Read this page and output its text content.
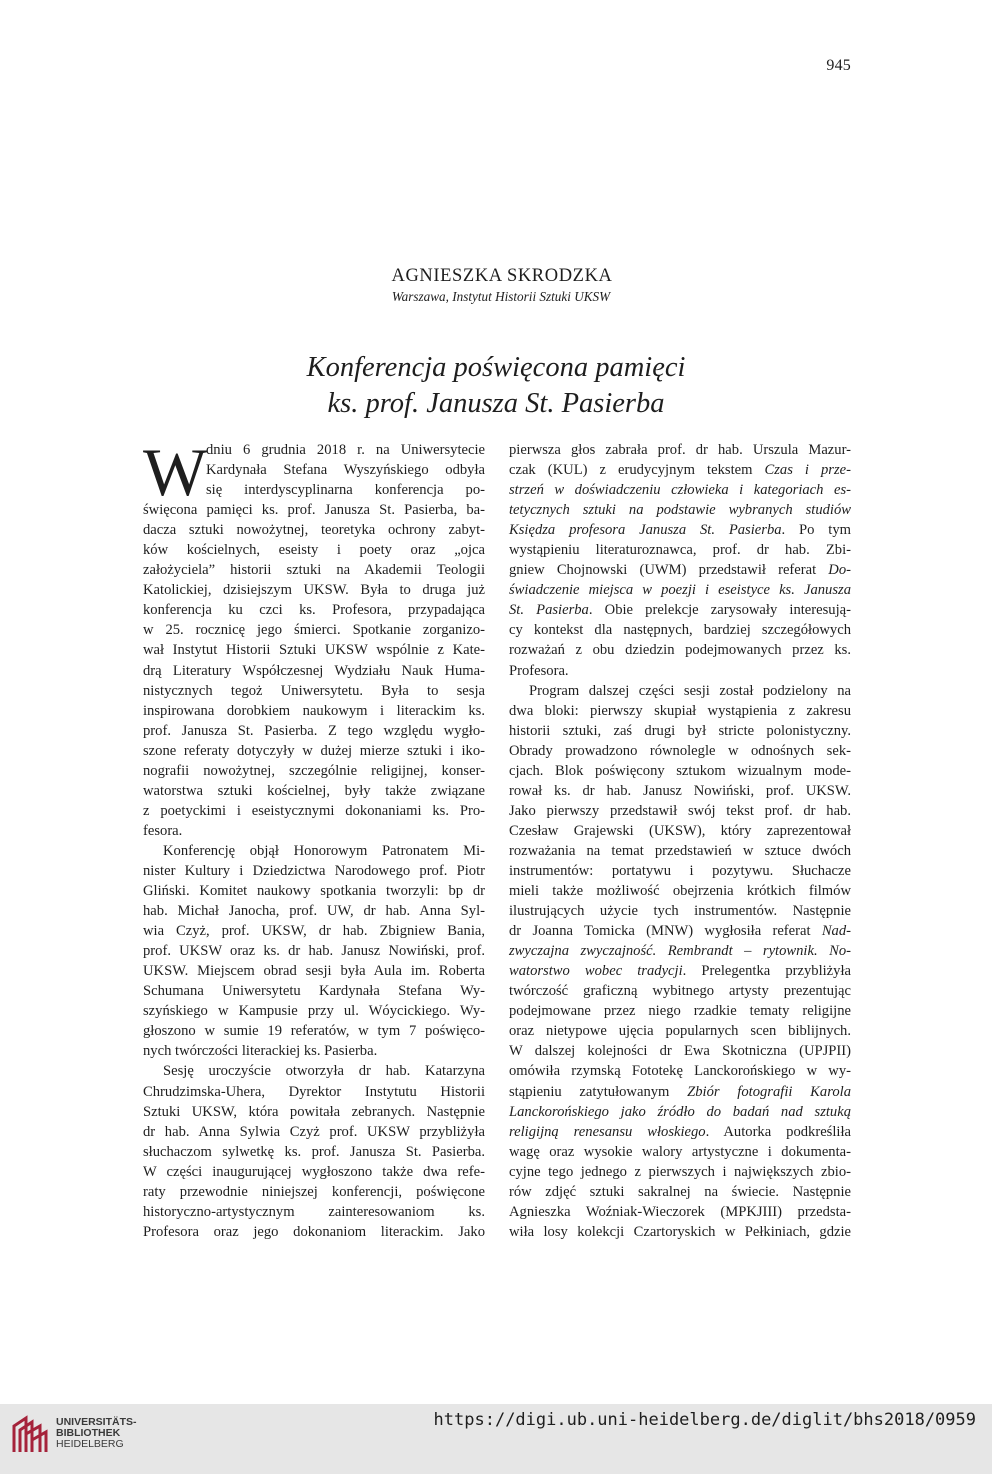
945
AGNIESZKA SKRODZKA
Warszawa, Instytut Historii Sztuki UKSW
Konferencja poświęcona pamięci
ks. prof. Janusza St. Pasierba
W
dniu 6 grudnia 2018 r. na Uniwersytecie
Kardynała Stefana Wyszyńskiego odbyła
się interdyscyplinarna konferencja po-
święcona pamięci ks. prof. Janusza St. Pasierba, ba-
dacza sztuki nowożytnej, teoretyka ochrony zabyt-
ków kościelnych, eseisty i poety oraz „ojca
założyciela” historii sztuki na Akademii Teologii
Katolickiej, dzisiejszym UKSW. Była to druga już
konferencja ku czci ks. Profesora, przypadająca
w 25. rocznicę jego śmierci. Spotkanie zorganizo-
wał Instytut Historii Sztuki UKSW wspólnie z Kate-
drą Literatury Współczesnej Wydziału Nauk Huma-
nistycznych tegoż Uniwersytetu. Była to sesja
inspirowana dorobkiem naukowym i literackim ks.
prof. Janusza St. Pasierba. Z tego względu wygło-
szone referaty dotyczyły w dużej mierze sztuki i iko-
nografii nowożytnej, szczególnie religijnej, konser-
watorstwa sztuki kościelnej, były także związane
z poetyckimi i eseistycznymi dokonaniami ks. Pro-
fesora.
Konferencję objął Honorowym Patronatem Mi-
nister Kultury i Dziedzictwa Narodowego prof. Piotr
Gliński. Komitet naukowy spotkania tworzyli: bp dr
hab. Michał Janocha, prof. UW, dr hab. Anna Syl-
wia Czyż, prof. UKSW, dr hab. Zbigniew Bania,
prof. UKSW oraz ks. dr hab. Janusz Nowiński, prof.
UKSW. Miejscem obrad sesji była Aula im. Roberta
Schumana Uniwersytetu Kardynała Stefana Wy-
szyńskiego w Kampusie przy ul. Wóycickiego. Wy-
głoszono w sumie 19 referatów, w tym 7 poświęco-
nych twórczości literackiej ks. Pasierba.
Sesję uroczyście otworzyła dr hab. Katarzyna
Chrudzimska-Uhera, Dyrektor Instytutu Historii
Sztuki UKSW, która powitała zebranych. Następnie
dr hab. Anna Sylwia Czyż prof. UKSW przybliżyła
słuchaczom sylwetkę ks. prof. Janusza St. Pasierba.
W części inaugurującej wygłoszono także dwa refe-
raty przewodnie niniejszej konferencji, poświęcone
historyczno-artystycznym zainteresowaniom ks.
Profesora oraz jego dokonaniom literackim. Jako
pierwsza głos zabrała prof. dr hab. Urszula Mazur-
czak (KUL) z erudycyjnym tekstem Czas i prze-
strzeń w doświadczeniu człowieka i kategoriach es-
tetycznych sztuki na podstawie wybranych studiów
Księdza profesora Janusza St. Pasierba. Po tym
wystąpieniu literaturoznawca, prof. dr hab. Zbi-
gniew Chojnowski (UWM) przedstawił referat Do-
świadczenie miejsca w poezji i eseistyce ks. Janusza
St. Pasierba. Obie prelekcje zarysowały interesują-
cy kontekst dla następnych, bardziej szczegółowych
rozważań z obu dziedzin podejmowanych przez ks.
Profesora.
Program dalszej części sesji został podzielony na
dwa bloki: pierwszy skupiał wystąpienia z zakresu
historii sztuki, zaś drugi był stricte polonistyczny.
Obrady prowadzono równolegle w odnośnych sek-
cjach. Blok poświęcony sztukom wizualnym mode-
rował ks. dr hab. Janusz Nowiński, prof. UKSW.
Jako pierwszy przedstawił swój tekst prof. dr hab.
Czesław Grajewski (UKSW), który zaprezentował
rozważania na temat przedstawień w sztuce dwóch
instrumentów: portatywu i pozytywu. Słuchacze
mieli także możliwość obejrzenia krótkich filmów
ilustrujących użycie tych instrumentów. Następnie
dr Joanna Tomicka (MNW) wygłosiła referat Nad-
zwyczajna zwyczajność. Rembrandt – rytownik. No-
watorstwo wobec tradycji. Prelegentka przybliżyła
twórczość graficzną wybitnego artysty prezentując
podejmowane przez niego rzadkie tematy religijne
oraz nietypowe ujęcia popularnych scen biblijnych.
W dalszej kolejności dr Ewa Skotniczna (UPJPII)
omówiła rzymską Fototekę Lanckorońskiego w wy-
stąpieniu zatytułowanym Zbiór fotografii Karola
Lanckorońskiego jako źródło do badań nad sztuką
religijną renesansu włoskiego. Autorka podkreśliła
wagę oraz wysokie walory artystyczne i dokumenta-
cyjne tego jednego z pierwszych i największych zbio-
rów zdjęć sztuki sakralnej na świecie. Następnie
Agnieszka Woźniak-Wieczorek (MPKJIII) przedsta-
wiła losy kolekcji Czartoryskich w Pełkiniach, gdzie
UNIVERSITÄTS-
BIBLIOTHEK
HEIDELBERG
https://digi.ub.uni-heidelberg.de/diglit/bhs2018/0959
